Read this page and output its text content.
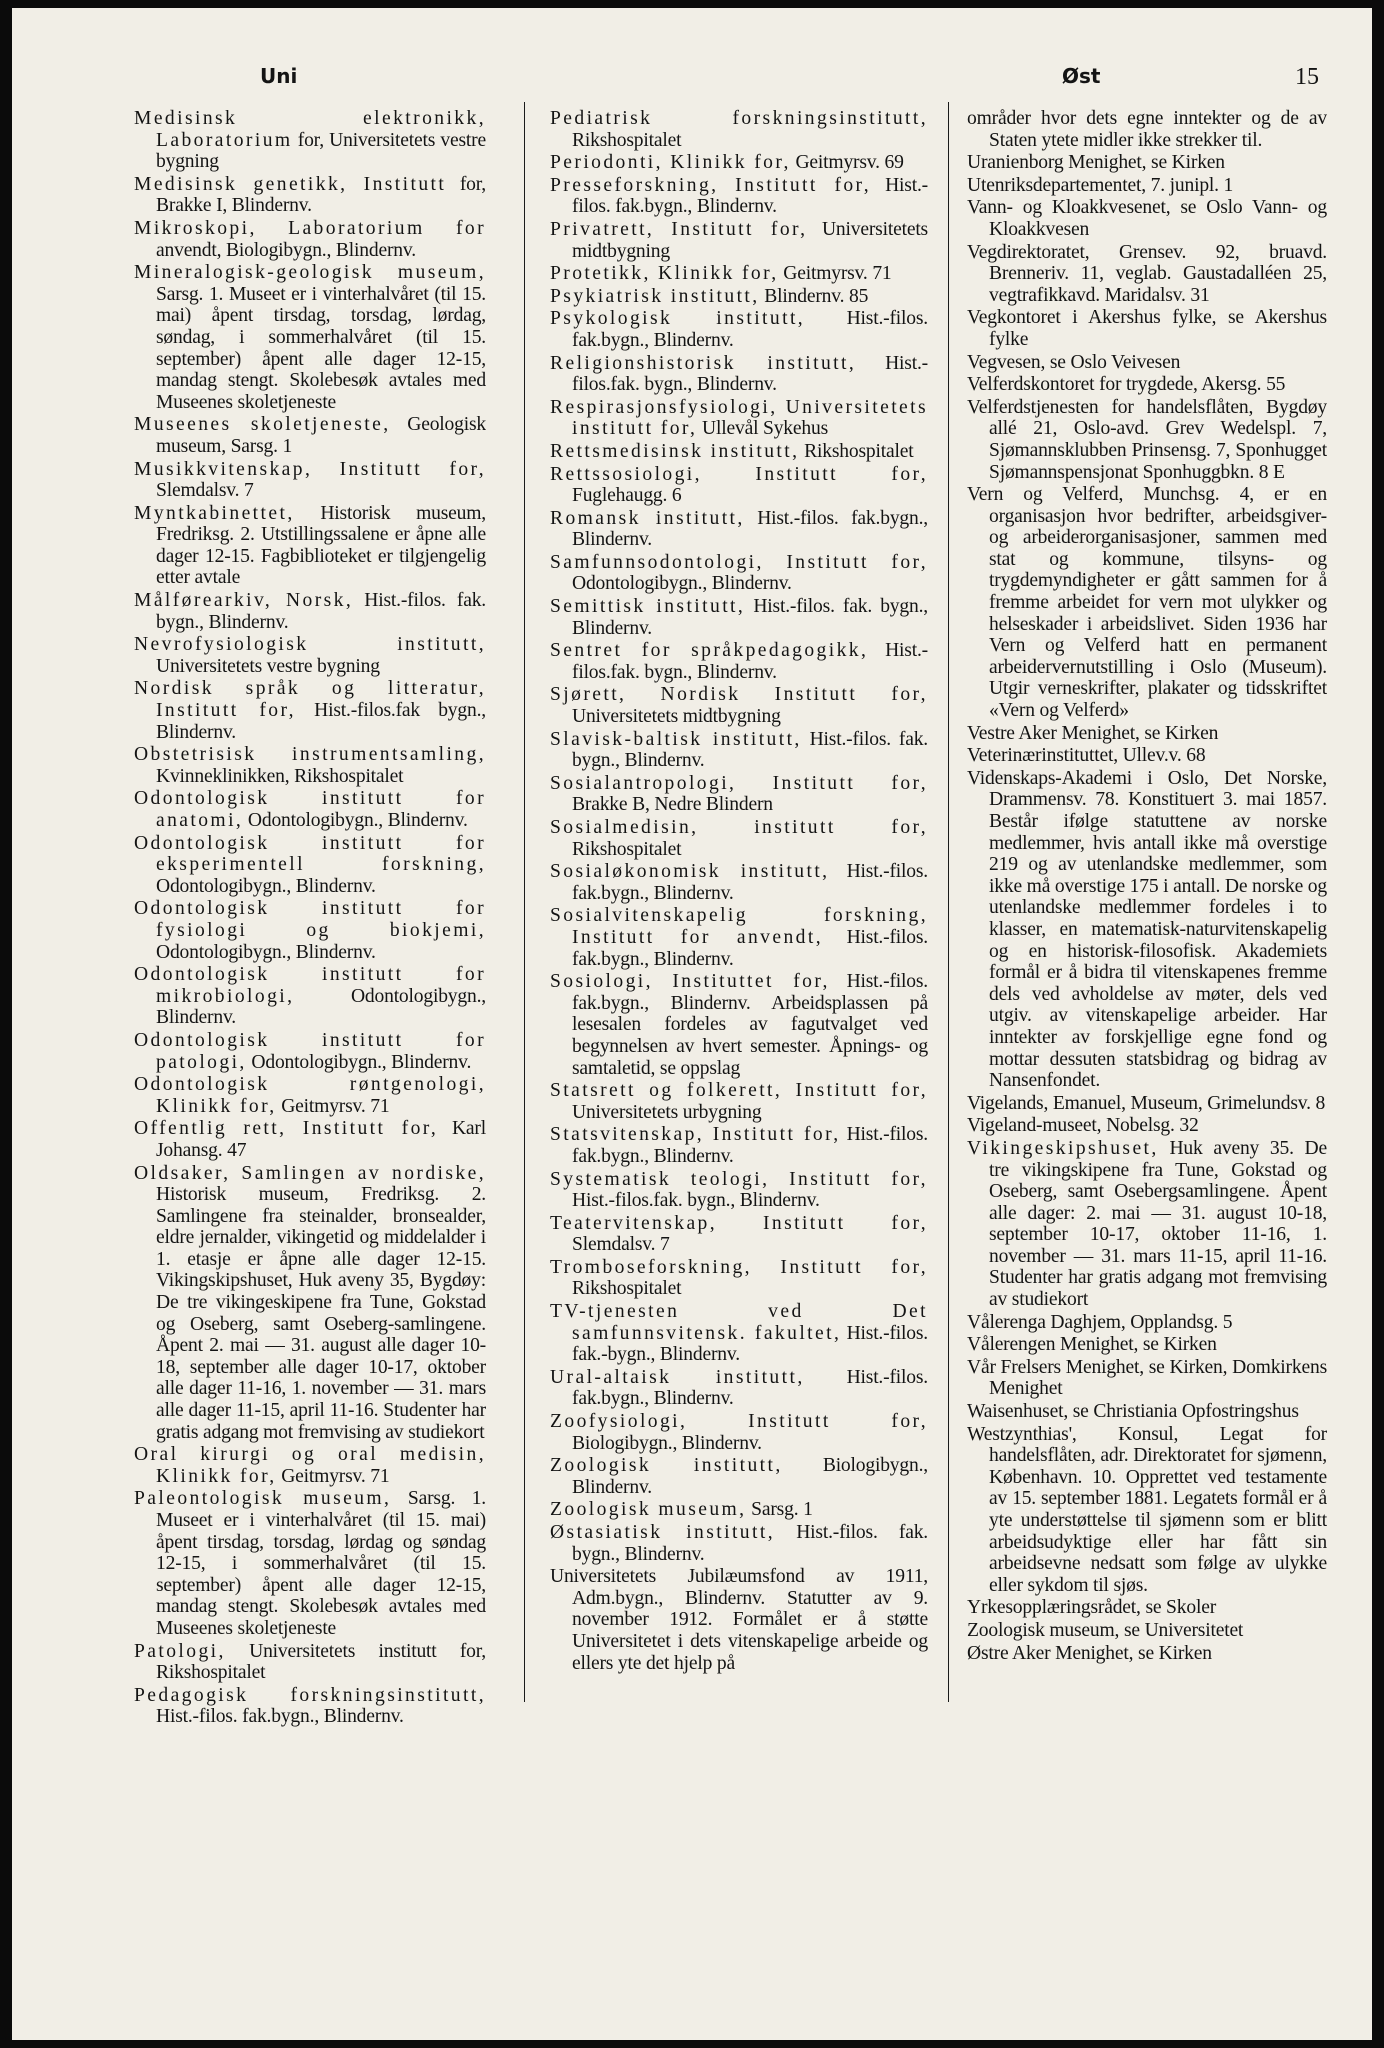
Uni	Øst	15
Medisinsk elektronikk, Laboratorium for, Universitetets vestre bygning
Medisinsk genetikk, Institutt for, Brakke I, Blindernv.
Mikroskopi, Laboratorium for anvendt, Biologibygn., Blindernv.
Mineralogisk-geologisk museum, Sarsg. 1. Museet er i vinterhalvåret (til 15. mai) åpent tirsdag, torsdag, lørdag, søndag, i sommerhalvåret (til 15. september) åpent alle dager 12-15, mandag stengt. Skolebesøk avtales med Museenes skoletjeneste
Museenes skoletjeneste, Geologisk museum, Sarsg. 1
Musikkvitenskap, Institutt for, Slemdalsv. 7
Myntkabinettet, Historisk museum, Fredriksg. 2. Utstillingssalene er åpne alle dager 12-15. Fagbiblioteket er tilgjengelig etter avtale
Målførearkiv, Norsk, Hist.-filos. fak. bygn., Blindernv.
Nevrofysiologisk institutt, Universitetets vestre bygning
Nordisk språk og litteratur, Institutt for, Hist.-filos.fak bygn., Blindernv.
Obstetrisisk instrumentsamling, Kvinneklinikken, Rikshospitalet
Odontologisk institutt for anatomi, Odontologibygn., Blindernv.
Odontologisk institutt for eksperimentell forskning, Odontologibygn., Blindernv.
Odontologisk institutt for fysiologi og biokjemi, Odontologibygn., Blindernv.
Odontologisk institutt for mikrobiologi, Odontologibygn., Blindernv.
Odontologisk institutt for patologi, Odontologibygn., Blindernv.
Odontologisk røntgenologi, Klinikk for, Geitmyrsv. 71
Offentlig rett, Institutt for, Karl Johansg. 47
Oldsaker, Samlingen av nordiske, Historisk museum, Fredriksg. 2. Samlingene fra steinalder, bronsealder, eldre jernalder, vikingetid og middelalder i 1. etasje er åpne alle dager 12-15. Vikingskipshuset, Huk aveny 35, Bygdøy: De tre vikingeskipene fra Tune, Gokstad og Oseberg, samt Oseberg-samlingene. Åpent 2. mai — 31. august alle dager 10-18, september alle dager 10-17, oktober alle dager 11-16, 1. november — 31. mars alle dager 11-15, april 11-16. Studenter har gratis adgang mot fremvising av studiekort
Oral kirurgi og oral medisin, Klinikk for, Geitmyrsv. 71
Paleontologisk museum, Sarsg. 1. Museet er i vinterhalvåret (til 15. mai) åpent tirsdag, torsdag, lørdag og søndag 12-15, i sommerhalvåret (til 15. september) åpent alle dager 12-15, mandag stengt. Skolebesøk avtales med Museenes skoletjeneste
Patologi, Universitetets institutt for, Rikshospitalet
Pedagogisk forskningsinstitutt, Hist.-filos. fak.bygn., Blindernv.
Pediatrisk forskningsinstitutt, Rikshospitalet
Periodonti, Klinikk for, Geitmyrsv. 69
Presseforskning, Institutt for, Hist.-filos. fak.bygn., Blindernv.
Privatrett, Institutt for, Universitetets midtbygning
Protetikk, Klinikk for, Geitmyrsv. 71
Psykiatrisk institutt, Blindernv. 85
Psykologisk institutt, Hist.-filos. fak.bygn., Blindernv.
Religionshistorisk institutt, Hist.-filos.fak. bygn., Blindernv.
Respirasjonsfysiologi, Universitetets institutt for, Ullevål Sykehus
Rettsmedisinsk institutt, Rikshospitalet
Rettssosiologi, Institutt for, Fuglehaugg. 6
Romansk institutt, Hist.-filos. fak.bygn., Blindernv.
Samfunnsodontologi, Institutt for, Odontologibygn., Blindernv.
Semittisk institutt, Hist.-filos. fak. bygn., Blindernv.
Sentret for språkpedagogikk, Hist.-filos.fak. bygn., Blindernv.
Sjørett, Nordisk Institutt for, Universitetets midtbygning
Slavisk-baltisk institutt, Hist.-filos. fak. bygn., Blindernv.
Sosialantropologi, Institutt for, Brakke B, Nedre Blindern
Sosialmedisin, institutt for, Rikshospitalet
Sosialøkonomisk institutt, Hist.-filos. fak.bygn., Blindernv.
Sosialvitenskapelig forskning, Institutt for anvendt, Hist.-filos. fak.bygn., Blindernv.
Sosiologi, Instituttet for, Hist.-filos. fak.bygn., Blindernv. Arbeidsplassen på lesesalen fordeles av fagutvalget ved begynnelsen av hvert semester. Åpnings- og samtaletid, se oppslag
Statsrett og folkerett, Institutt for, Universitetets urbygning
Statsvitenskap, Institutt for, Hist.-filos. fak.bygn., Blindernv.
Systematisk teologi, Institutt for, Hist.-filos.fak. bygn., Blindernv.
Teatervitenskap, Institutt for, Slemdalsv. 7
Tromboseforskning, Institutt for, Rikshospitalet
TV-tjenesten ved Det samfunnsvitensk. fakultet, Hist.-filos. fak.-bygn., Blindernv.
Ural-altaisk institutt, Hist.-filos. fak.bygn., Blindernv.
Zoofysiologi, Institutt for, Biologibygn., Blindernv.
Zoologisk institutt, Biologibygn., Blindernv.
Zoologisk museum, Sarsg. 1
Østasiatisk institutt, Hist.-filos. fak. bygn., Blindernv.
Universitetets Jubilæumsfond av 1911, Adm.bygn., Blindernv. Statutter av 9. november 1912. Formålet er å støtte Universitetet i dets vitenskapelige arbeide og ellers yte det hjelp på
områder hvor dets egne inntekter og de av Staten ytete midler ikke strekker til.
Uranienborg Menighet, se Kirken
Utenriksdepartementet, 7. junipl. 1
Vann- og Kloakkvesenet, se Oslo Vann- og Kloakkvesen
Vegdirektoratet, Grensev. 92, bruavd. Brenneriv. 11, veglab. Gaustadalléen 25, vegtrafikkavd. Maridalsv. 31
Vegkontoret i Akershus fylke, se Akershus fylke
Vegvesen, se Oslo Veivesen
Velferdskontoret for trygdede, Akersg. 55
Velferdstjenesten for handelsflåten, Bygdøy allé 21, Oslo-avd. Grev Wedelspl. 7, Sjømannsklubben Prinsensg. 7, Sponhugget Sjømannspensjonat Sponhuggbkn. 8 E
Vern og Velferd, Munchsg. 4, er en organisasjon hvor bedrifter, arbeidsgiver- og arbeiderorganisasjoner, sammen med stat og kommune, tilsyns- og trygdemyndigheter er gått sammen for å fremme arbeidet for vern mot ulykker og helseskader i arbeidslivet. Siden 1936 har Vern og Velferd hatt en permanent arbeidervernutstilling i Oslo (Museum). Utgir verneskrifter, plakater og tidsskriftet «Vern og Velferd»
Vestre Aker Menighet, se Kirken
Veterinærinstituttet, Ullev.v. 68
Videnskaps-Akademi i Oslo, Det Norske, Drammensv. 78. Konstituert 3. mai 1857. Består ifølge statuttene av norske medlemmer, hvis antall ikke må overstige 219 og av utenlandske medlemmer, som ikke må overstige 175 i antall. De norske og utenlandske medlemmer fordeles i to klasser, en matematisk-naturvitenskapelig og en historisk-filosofisk. Akademiets formål er å bidra til vitenskapenes fremme dels ved avholdelse av møter, dels ved utgiv. av vitenskapelige arbeider. Har inntekter av forskjellige egne fond og mottar dessuten statsbidrag og bidrag av Nansenfondet.
Vigelands, Emanuel, Museum, Grimelundsv. 8
Vigeland-museet, Nobelsg. 32
Vikingeskipshuset, Huk aveny 35. De tre vikingskipene fra Tune, Gokstad og Oseberg, samt Osebergsamlingene. Åpent alle dager: 2. mai — 31. august 10-18, september 10-17, oktober 11-16, 1. november — 31. mars 11-15, april 11-16. Studenter har gratis adgang mot fremvising av studiekort
Vålerenga Daghjem, Opplandsg. 5
Vålerengen Menighet, se Kirken
Vår Frelsers Menighet, se Kirken, Domkirkens Menighet
Waisenhuset, se Christiania Opfostringshus
Westzynthias', Konsul, Legat for handelsflåten, adr. Direktoratet for sjømenn, København. 10. Opprettet ved testamente av 15. september 1881. Legatets formål er å yte understøttelse til sjømenn som er blitt arbeidsudyktige eller har fått sin arbeidsevne nedsatt som følge av ulykke eller sykdom til sjøs.
Yrkesopplæringsrådet, se Skoler
Zoologisk museum, se Universitetet
Østre Aker Menighet, se Kirken
